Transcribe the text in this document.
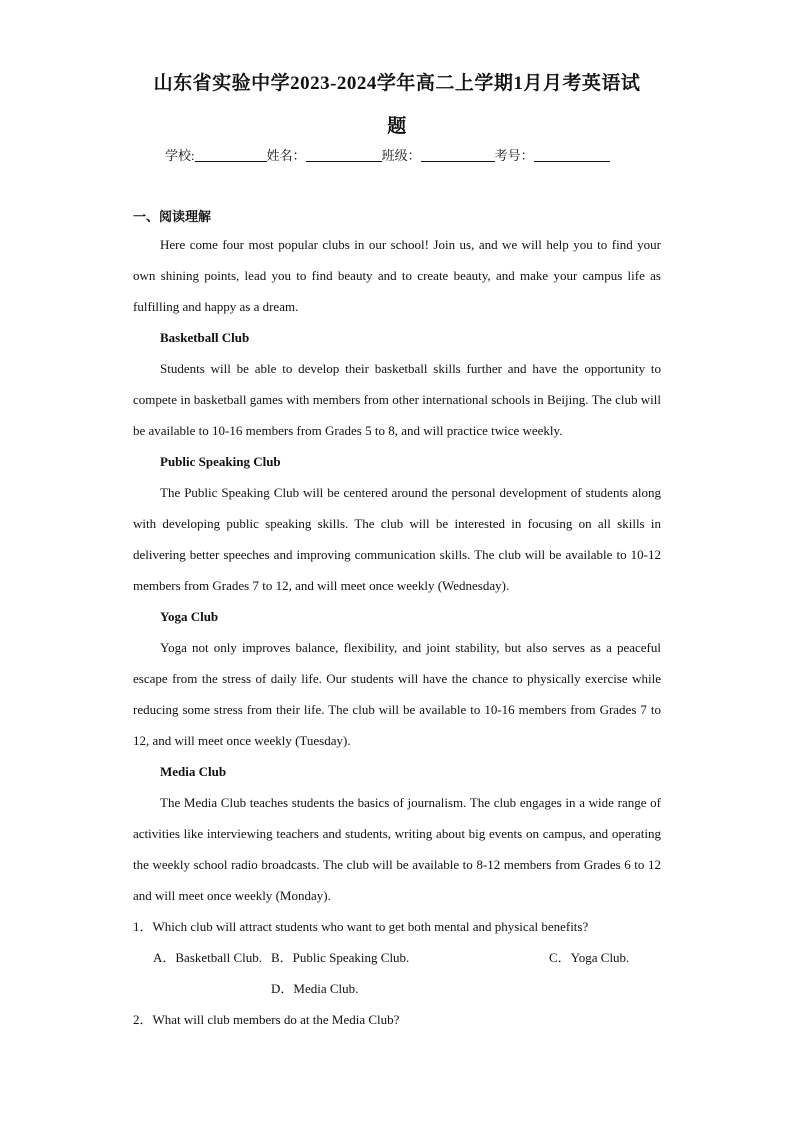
山东省实验中学2023-2024学年高二上学期1月月考英语试
题
学校:	姓名：	班级：	考号：
一、阅读理解

Here come four most popular clubs in our school! Join us, and we will help you to find your own shining points, lead you to find beauty and to create beauty, and make your campus life as fulfilling and happy as a dream.

Basketball Club

Students will be able to develop their basketball skills further and have the opportunity to compete in basketball games with members from other international schools in Beijing. The club will be available to 10-16 members from Grades 5 to 8, and will practice twice weekly.

Public Speaking Club

The Public Speaking Club will be centered around the personal development of students along with developing public speaking skills. The club will be interested in focusing on all skills in delivering better speeches and improving communication skills. The club will be available to 10-12 members from Grades 7 to 12, and will meet once weekly (Wednesday).

Yoga Club

Yoga not only improves balance, flexibility, and joint stability, but also serves as a peaceful escape from the stress of daily life. Our students will have the chance to physically exercise while reducing some stress from their life. The club will be available to 10-16 members from Grades 7 to 12, and will meet once weekly (Tuesday).

Media Club

The Media Club teaches students the basics of journalism. The club engages in a wide range of activities like interviewing teachers and students, writing about big events on campus, and operating the weekly school radio broadcasts. The club will be available to 8-12 members from Grades 6 to 12 and will meet once weekly (Monday).

1．Which club will attract students who want to get both mental and physical benefits?

A．Basketball Club. B．Public Speaking Club.	C．Yoga Club.
D．Media Club.

2．What will club members do at the Media Club?
